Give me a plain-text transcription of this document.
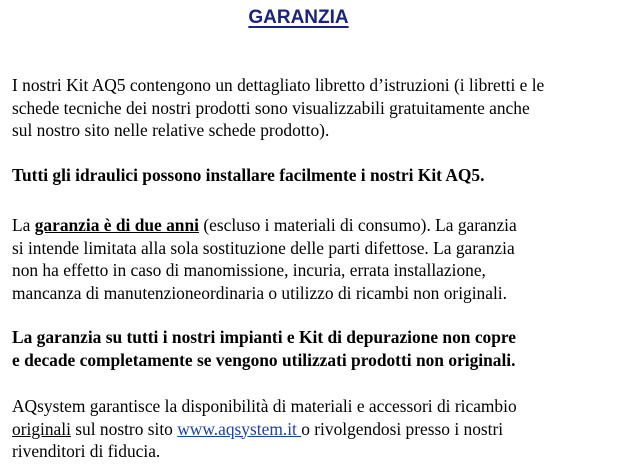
GARANZIA

I nostri Kit AQ5 contengono un dettagliato libretto d’istruzioni (i libretti e le
schede tecniche dei nostri prodotti sono visualizzabili gratuitamente anche
sul nostro sito nelle relative schede prodotto).

Tutti gli idraulici possono installare facilmente i nostri Kit AQ5.

La garanzia è di due anni (escluso i materiali di consumo). La garanzia
si intende limitata alla sola sostituzione delle parti difettose. La garanzia
non ha effetto in caso di manomissione, incuria, errata installazione,
mancanza di manutenzioneordinaria o utilizzo di ricambi non originali.

La garanzia su tutti i nostri impianti e Kit di depurazione non copre
e decade completamente se vengono utilizzati prodotti non originali.

AQsystem garantisce la disponibilità di materiali e accessori di ricambio
originali sul nostro sito www.aqsystem.it o rivolgendosi presso i nostri
rivenditori di fiducia.
